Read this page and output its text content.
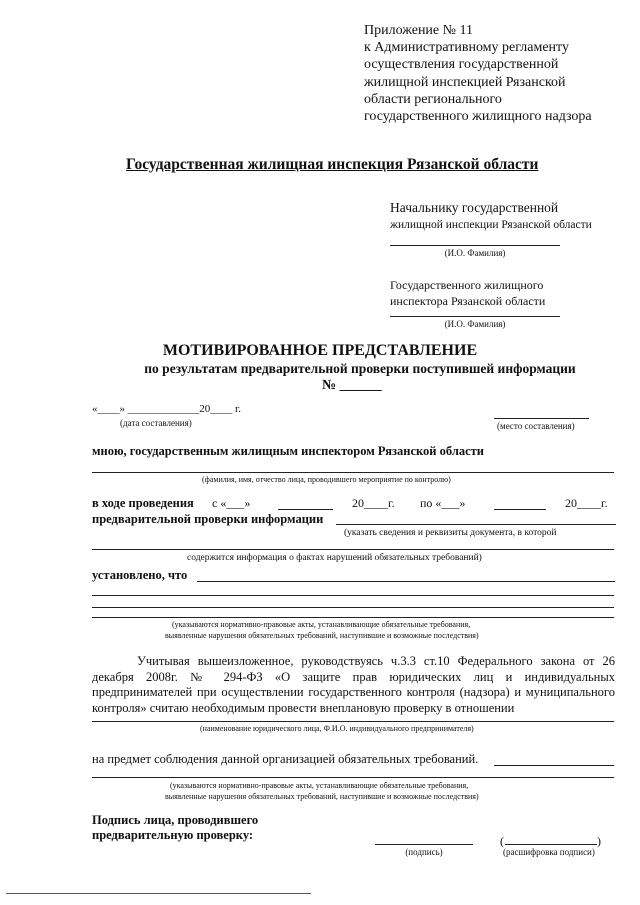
Приложение № 11
к Административному регламенту
осуществления государственной
жилищной инспекцией Рязанской
области регионального
государственного жилищного надзора
Государственная жилищная инспекция Рязанской области
Начальнику государственной
жилищной инспекции Рязанской области
(И.О. Фамилия)
Государственного жилищного
инспектора Рязанской области
(И.О. Фамилия)
МОТИВИРОВАННОЕ ПРЕДСТАВЛЕНИЕ
по результатам предварительной проверки поступившей информации
№ ______
«____» _____________20____ г.
(дата составления)	(место составления)
мною, государственным жилищным инспектором Рязанской области
(фамилия, имя, отчество лица, проводившего мероприятие по контролю)
в ходе проведения с «___»	20____г. по «___»	20____г.
предварительной проверки информации
(указать сведения и реквизиты документа, в которой
содержится информация о фактах нарушений обязательных требований)
установлено, что
(указываются нормативно-правовые акты, устанавливающие обязательные требования,
выявленные нарушения обязательных требований, наступившие и возможные последствия)
Учитывая вышеизложенное, руководствуясь ч.3.3 ст.10 Федерального закона от 26 декабря 2008г. № 294-ФЗ «О защите прав юридических лиц и индивидуальных предпринимателей при осуществлении государственного контроля (надзора) и муниципального контроля» считаю необходимым провести внеплановую проверку в отношении
(наименование юридического лица, Ф.И.О. индивидуального предпринимателя)
на предмет соблюдения данной организацией обязательных требований.
(указываются нормативно-правовые акты, устанавливающие обязательные требования,
выявленные нарушения обязательных требований, наступившие и возможные последствия)
Подпись лица, проводившего
предварительную проверку:
(подпись)
(	)
(расшифровка подписи)
